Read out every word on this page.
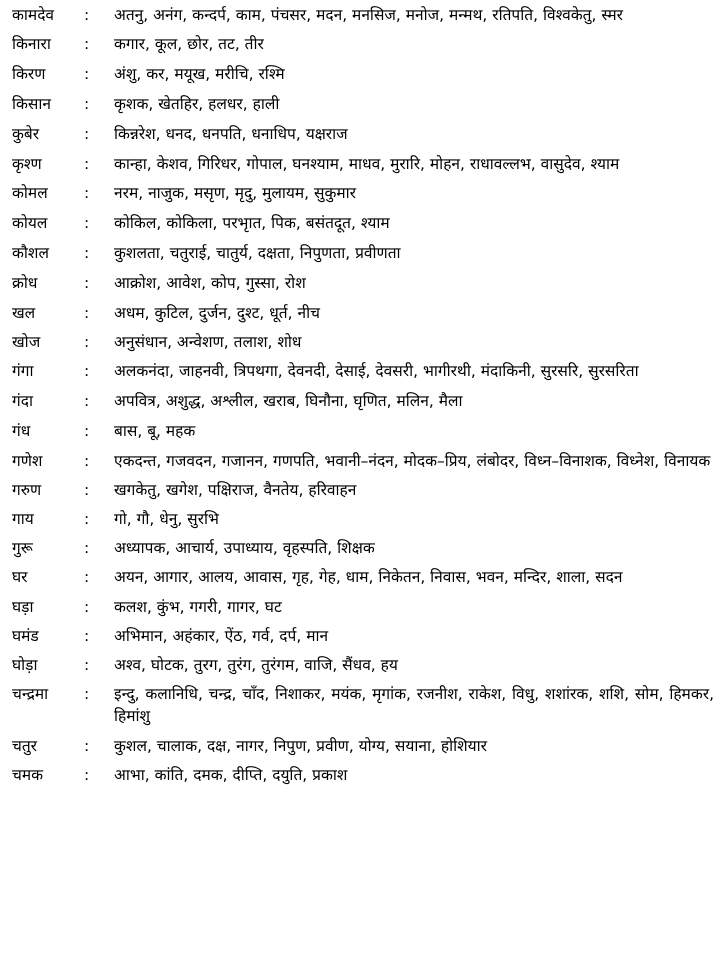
कामदेव	:	अतनु, अनंग, कन्दर्प, काम, पंचसर, मदन, मनसिज, मनोज, मन्मथ, रतिपति, विश्वकेतु, स्मर
किनारा	:	कगार, कूल, छोर, तट, तीर
किरण	:	अंशु, कर, मयूख, मरीचि, रश्मि
किसान	:	कृशक, खेतहिर, हलधर, हाली
कुबेर	:	किन्नरेश, धनद, धनपति, धनाधिप, यक्षराज
कृश्ण	:	कान्हा, केशव, गिरिधर, गोपाल, घनश्याम, माधव, मुरारि, मोहन, राधावल्लभ, वासुदेव, श्याम
कोमल	:	नरम, नाजुक, मसृण, मृदु, मुलायम, सुकुमार
कोयल	:	कोकिल, कोकिला, परभृात, पिक, बसंतदूत, श्याम
कौशल	:	कुशलता, चतुराई, चातुर्य, दक्षता, निपुणता, प्रवीणता
क्रोध	:	आक्रोश, आवेश, कोप, गुस्सा, रोश
खल	:	अधम, कुटिल, दुर्जन, दुश्ट, धूर्त, नीच
खोज	:	अनुसंधान, अन्वेशण, तलाश, शोध
गंगा	:	अलकनंदा, जाहनवी, त्रिपथगा, देवनदी, देसाई, देवसरी, भागीरथी, मंदाकिनी, सुरसरि, सुरसरिता
गंदा	:	अपवित्र, अशुद्ध, अश्लील, खराब, घिनौना, घृणित, मलिन, मैला
गंध	:	बास, बू, महक
गणेश	:	एकदन्त, गजवदन, गजानन, गणपति, भवानी–नंदन, मोदक–प्रिय, लंबोदर, विध्न–विनाशक, विध्नेश, विनायक
गरुण	:	खगकेतु, खगेश, पक्षिराज, वैनतेय, हरिवाहन
गाय	:	गो, गौ, धेनु, सुरभि
गुरू	:	अध्यापक, आचार्य, उपाध्याय, वृहस्पति, शिक्षक
घर	:	अयन, आगार, आलय, आवास, गृह, गेह, धाम, निकेतन, निवास, भवन, मन्दिर, शाला, सदन
घड़ा	:	कलश, कुंभ, गगरी, गागर, घट
घमंड	:	अभिमान, अहंकार, ऐंठ, गर्व, दर्प, मान
घोड़ा	:	अश्व, घोटक, तुरग, तुरंग, तुरंगम, वाजि, सैंधव, हय
चन्द्रमा	:	इन्दु, कलानिधि, चन्द्र, चाँद, निशाकर, मयंक, मृगांक, रजनीश, राकेश, विधु, शशांरक, शशि, सोम, हिमकर, हिमांशु
चतुर	:	कुशल, चालाक, दक्ष, नागर, निपुण, प्रवीण, योग्य, सयाना, होशियार
चमक	:	आभा, कांति, दमक, दीप्ति, दयुति, प्रकाश
